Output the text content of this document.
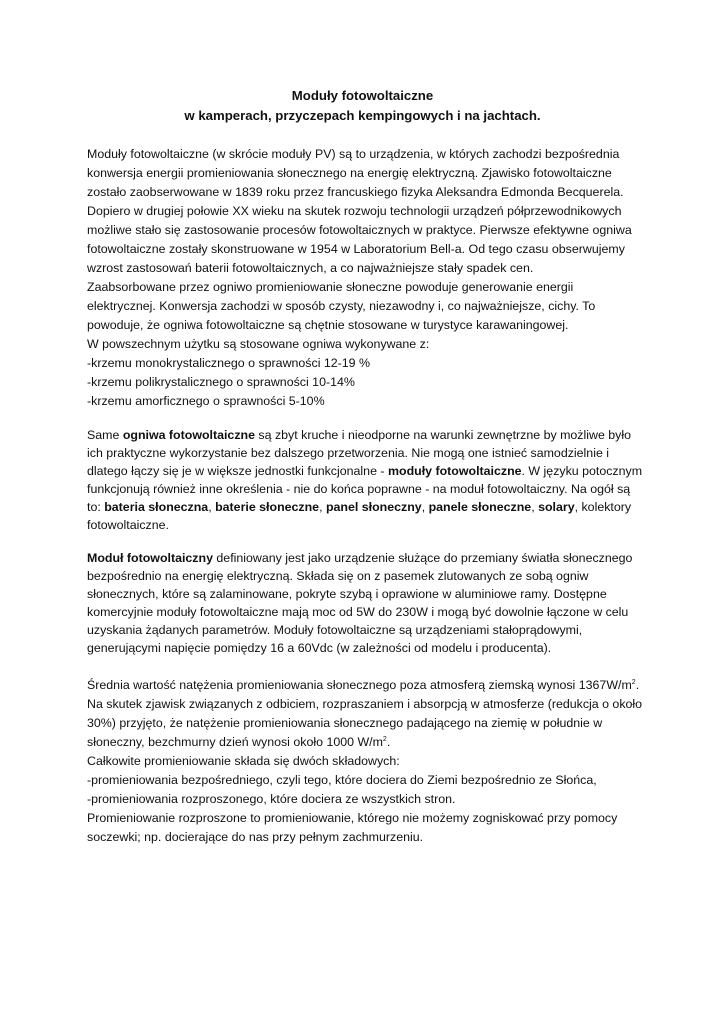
Moduły fotowoltaiczne
w kamperach, przyczepach kempingowych i na jachtach.
Moduły fotowoltaiczne (w skrócie moduły PV) są to urządzenia, w których zachodzi bezpośrednia
konwersja energii promieniowania słonecznego na energię elektryczną. Zjawisko fotowoltaiczne
zostało zaobserwowane w 1839 roku przez francuskiego fizyka Aleksandra Edmonda Becquerela.
Dopiero w drugiej połowie XX wieku na skutek rozwoju technologii urządzeń półprzewodnikowych
możliwe stało się zastosowanie procesów fotowoltaicznych w praktyce. Pierwsze efektywne ogniwa
fotowoltaiczne zostały skonstruowane w 1954 w Laboratorium Bell-a. Od tego czasu obserwujemy
wzrost zastosowań baterii fotowoltaicznych, a co najważniejsze stały spadek cen.
Zaabsorbowane przez ogniwo promieniowanie słoneczne powoduje generowanie energii
elektrycznej. Konwersja zachodzi w sposób czysty, niezawodny i, co najważniejsze, cichy. To
powoduje, że ogniwa fotowoltaiczne są chętnie stosowane w turystyce karawaningowej.
W powszechnym użytku są stosowane ogniwa wykonywane z:
-krzemu monokrystalicznego o sprawności 12-19 %
-krzemu polikrystalicznego o sprawności 10-14%
-krzemu amorficznego o sprawności 5-10%
Same ogniwa fotowoltaiczne są zbyt kruche i nieodporne na warunki zewnętrzne by możliwe było
ich praktyczne wykorzystanie bez dalszego przetworzenia. Nie mogą one istnieć samodzielnie i
dlatego łączy się je w większe jednostki funkcjonalne - moduły fotowoltaiczne. W języku potocznym
funkcjonują również inne określenia - nie do końca poprawne - na moduł fotowoltaiczny. Na ogół są
to: bateria słoneczna, baterie słoneczne, panel słoneczny, panele słoneczne, solary, kolektory
fotowoltaiczne.
Moduł fotowoltaiczny definiowany jest jako urządzenie służące do przemiany światła słonecznego
bezpośrednio na energię elektryczną. Składa się on z pasemek zlutowanych ze sobą ogniw
słonecznych, które są zalaminowane, pokryte szybą i oprawione w aluminiowe ramy. Dostępne
komercyjnie moduły fotowoltaiczne mają moc od 5W do 230W i mogą być dowolnie łączone w celu
uzyskania żądanych parametrów. Moduły fotowoltaiczne są urządzeniami stałoprądowymi,
generującymi napięcie pomiędzy 16 a 60Vdc (w zależności od modelu i producenta).
Średnia wartość natężenia promieniowania słonecznego poza atmosferą ziemską wynosi $1367W/m^2$.
Na skutek zjawisk związanych z odbiciem, rozpraszaniem i absorpcją w atmosferze (redukcja o około
30%) przyjęto, że natężenie promieniowania słonecznego padającego na ziemię w południe w
słoneczny, bezchmurny dzień wynosi około 1000 $W/m^2$.
Całkowite promieniowanie składa się dwóch składowych:
-promieniowania bezpośredniego, czyli tego, które dociera do Ziemi bezpośrednio ze Słońca,
-promieniowania rozproszonego, które dociera ze wszystkich stron.
Promieniowanie rozproszone to promieniowanie, którego nie możemy zogniskować przy pomocy
soczewki; np. docierające do nas przy pełnym zachmurzeniu.
